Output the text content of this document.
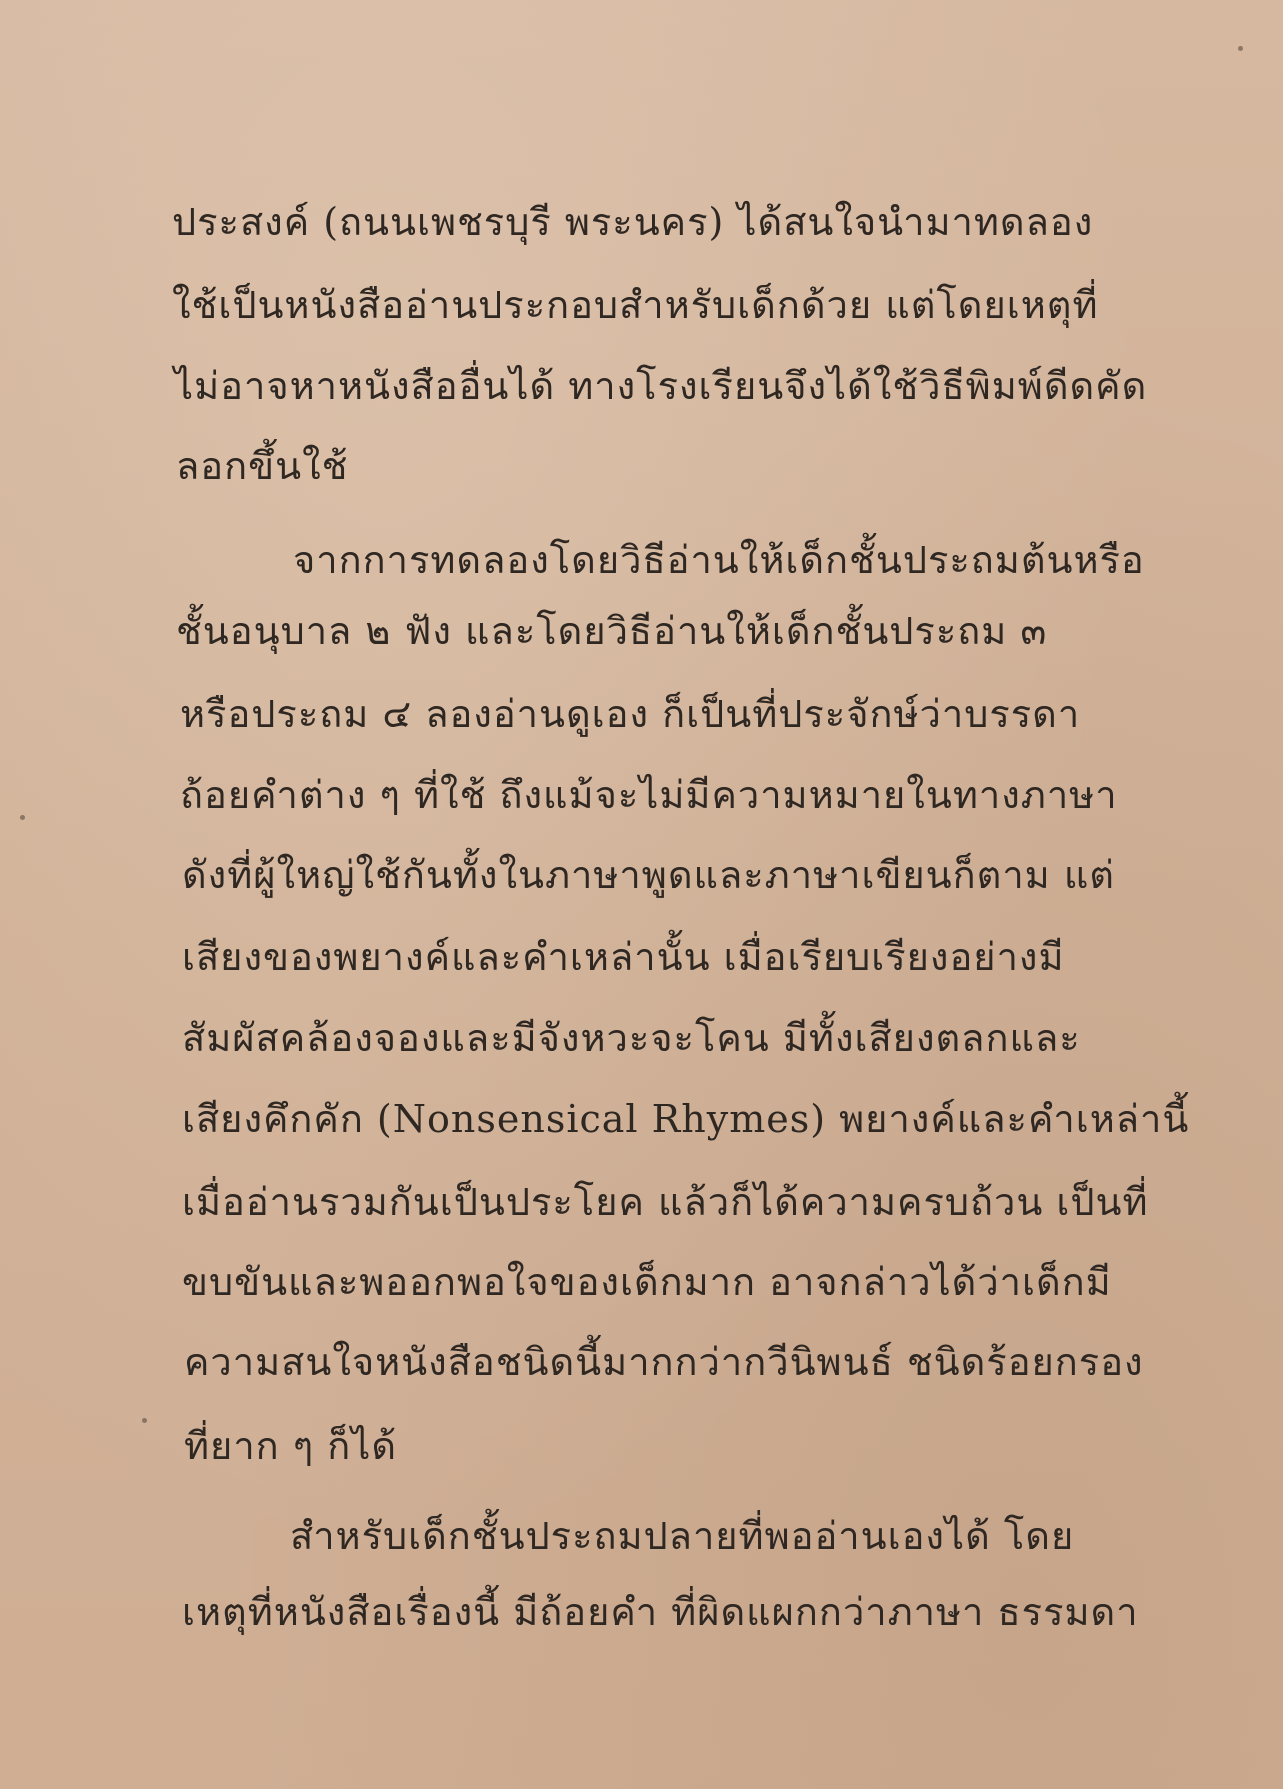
ประสงค์ (ถนนเพชรบุรี พระนคร) ได้สนใจนำมาทดลอง
ใช้เป็นหนังสืออ่านประกอบสำหรับเด็กด้วย แต่โดยเหตุที่
ไม่อาจหาหนังสืออื่นได้ ทางโรงเรียนจึงได้ใช้วิธีพิมพ์ดีดคัด
ลอกขึ้นใช้
จากการทดลองโดยวิธีอ่านให้เด็กชั้นประถมต้นหรือ
ชั้นอนุบาล ๒ ฟัง และโดยวิธีอ่านให้เด็กชั้นประถม ๓
หรือประถม ๔ ลองอ่านดูเอง ก็เป็นที่ประจักษ์ว่าบรรดา
ถ้อยคำต่าง ๆ ที่ใช้ ถึงแม้จะไม่มีความหมายในทางภาษา
ดังที่ผู้ใหญ่ใช้กันทั้งในภาษาพูดและภาษาเขียนก็ตาม แต่
เสียงของพยางค์และคำเหล่านั้น เมื่อเรียบเรียงอย่างมี
สัมผัสคล้องจองและมีจังหวะจะโคน มีทั้งเสียงตลกและ
เสียงคึกคัก (Nonsensical Rhymes) พยางค์และคำเหล่านี้
เมื่ออ่านรวมกันเป็นประโยค แล้วก็ได้ความครบถ้วน เป็นที่
ขบขันและพออกพอใจของเด็กมาก อาจกล่าวได้ว่าเด็กมี
ความสนใจหนังสือชนิดนี้มากกว่ากวีนิพนธ์ ชนิดร้อยกรอง
ที่ยาก ๆ ก็ได้
สำหรับเด็กชั้นประถมปลายที่พออ่านเองได้ โดย
เหตุที่หนังสือเรื่องนี้ มีถ้อยคำ ที่ผิดแผกกว่าภาษา ธรรมดา
